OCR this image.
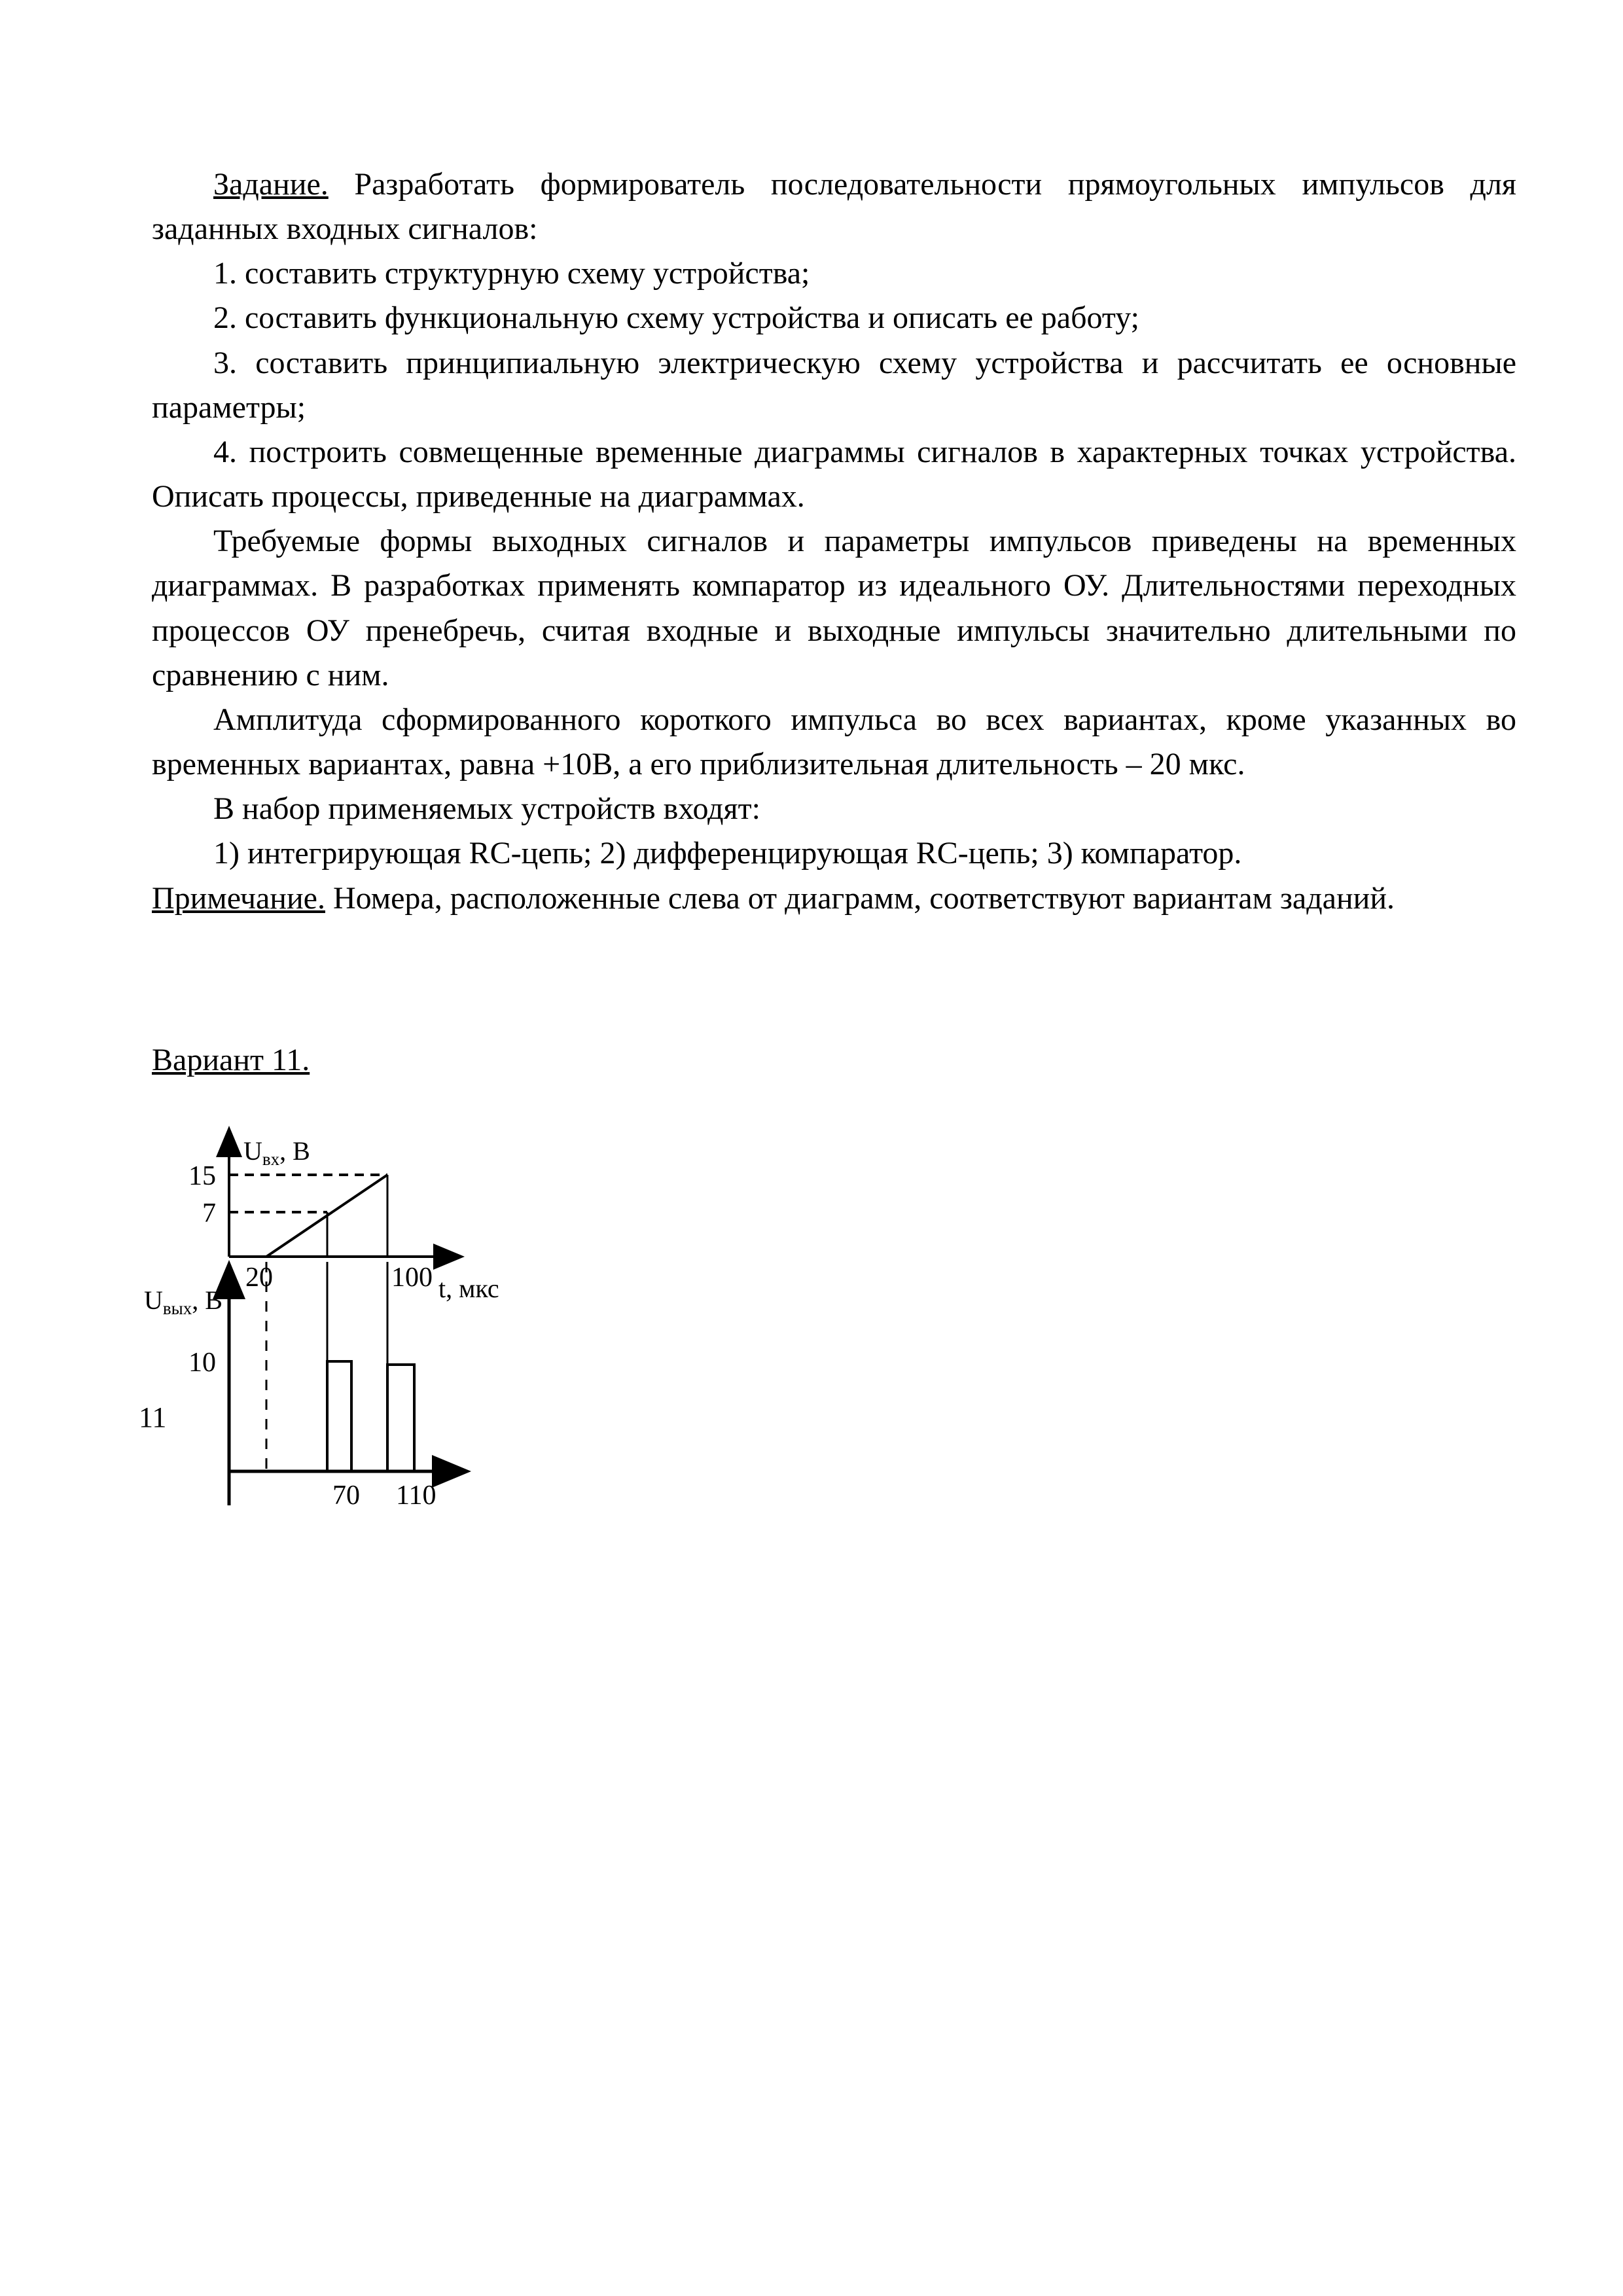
Задание. Разработать формирователь последовательности прямоугольных импульсов для заданных входных сигналов:

1. составить структурную схему устройства;

2. составить функциональную схему устройства и описать ее работу;

3. составить принципиальную электрическую схему устройства и рассчитать ее основные параметры;

4. построить совмещенные временные диаграммы сигналов в характерных точках устройства. Описать процессы, приведенные на диаграммах.

Требуемые формы выходных сигналов и параметры импульсов приведены на временных диаграммах. В разработках применять компаратор из идеального ОУ. Длительностями переходных процессов ОУ пренебречь, считая входные и выходные импульсы значительно длительными по сравнению с ним.

Амплитуда сформированного короткого импульса во всех вариантах, кроме указанных во временных вариантах, равна +10В, а его приблизительная длительность – 20 мкс.

В набор применяемых устройств входят:

1) интегрирующая RC-цепь; 2) дифференцирующая RC-цепь; 3) компаратор.

Примечание. Номера, расположенные слева от диаграмм, соответствуют вариантам заданий.

Вариант 11.
11
15
7
20	100
$U_{вх}$, В
t, мкс
10
70 110
$U_{вых}$, В
